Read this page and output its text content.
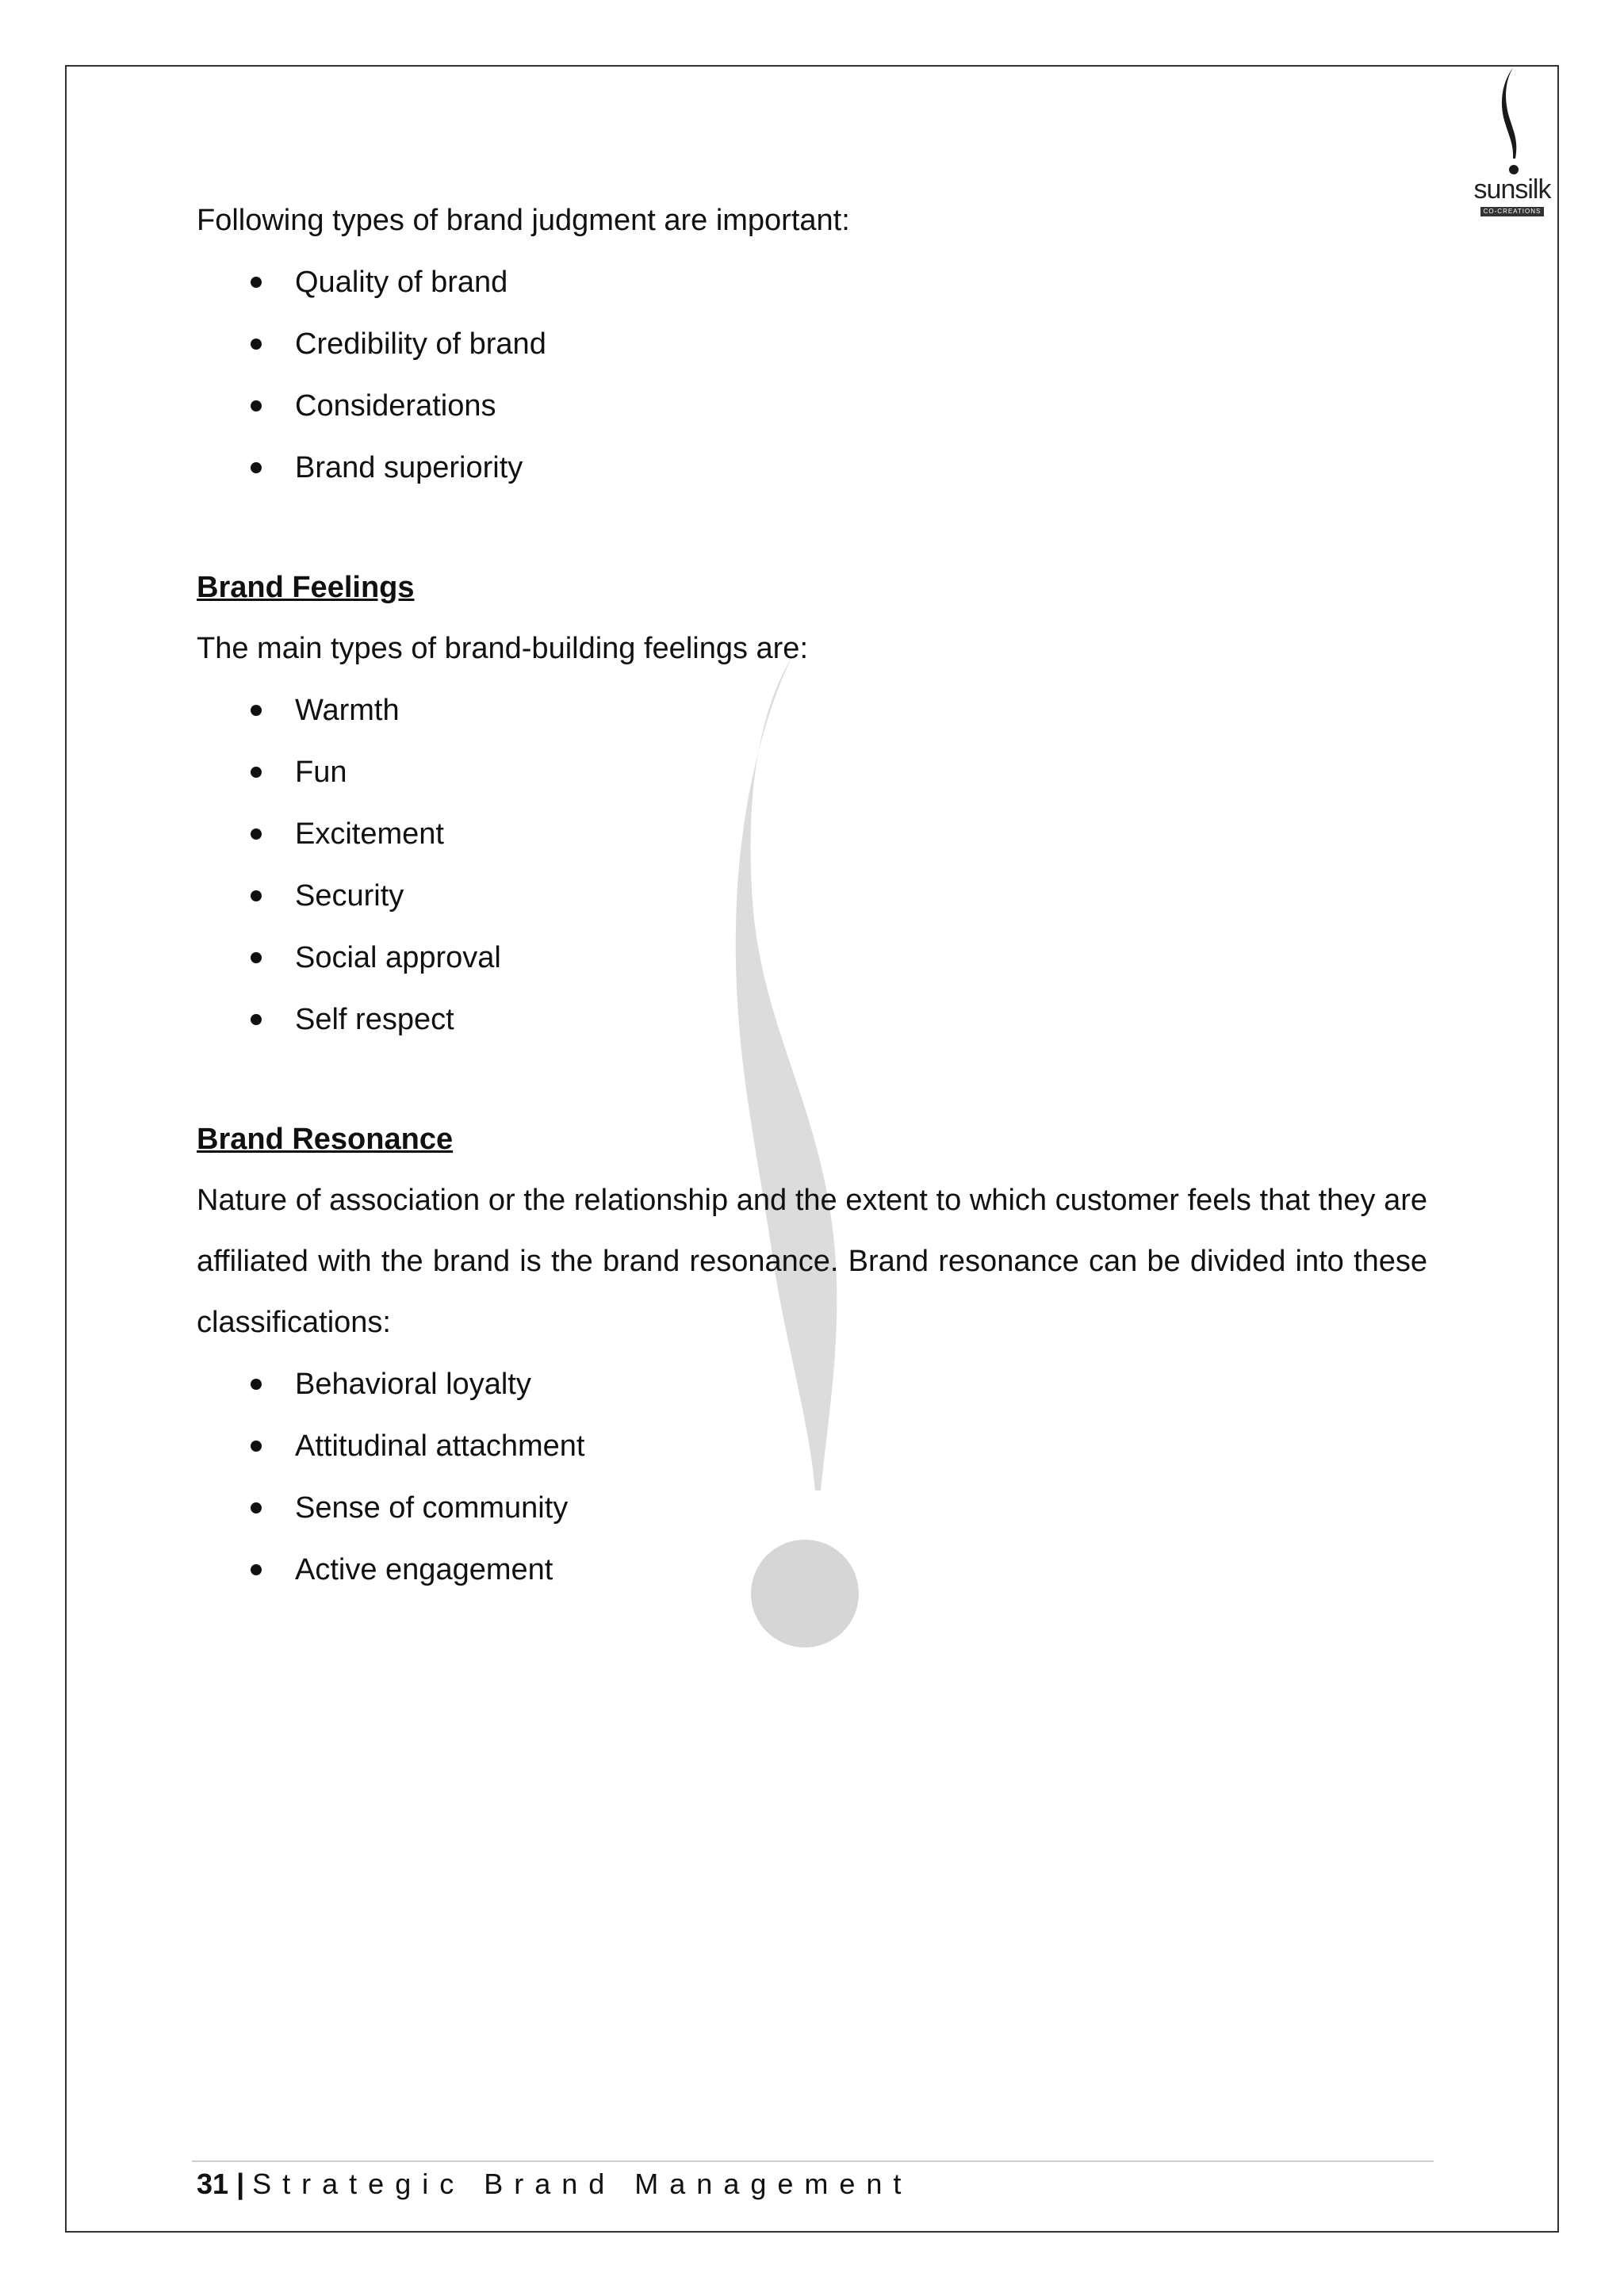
sunsilk
CO-CREATIONS

Following types of brand judgment are important:

Quality of brand
Credibility of brand
Considerations
Brand superiority

Brand Feelings

The main types of brand-building feelings are:

Warmth
Fun
Excitement
Security
Social approval
Self respect

Brand Resonance

Nature of association or the relationship and the extent to which customer feels that they are affiliated with the brand is the brand resonance. Brand resonance can be divided into these classifications:

Behavioral loyalty
Attitudinal attachment
Sense of community
Active engagement
31 | Strategic Brand Management
